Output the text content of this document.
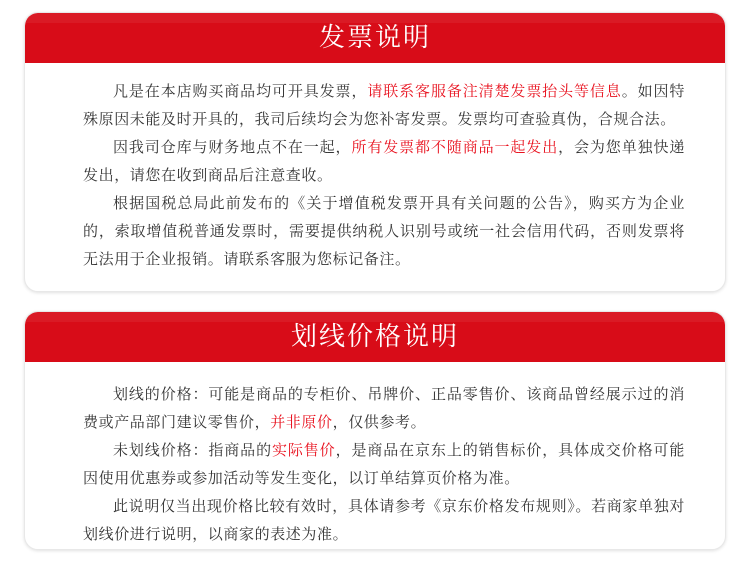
发票说明

凡是在本店购买商品均可开具发票，请联系客服备注清楚发票抬头等信息。如因特殊原因未能及时开具的，我司后续均会为您补寄发票。发票均可查验真伪，合规合法。

因我司仓库与财务地点不在一起，所有发票都不随商品一起发出，会为您单独快递发出，请您在收到商品后注意查收。

根据国税总局此前发布的《关于增值税发票开具有关问题的公告》，购买方为企业的，索取增值税普通发票时，需要提供纳税人识别号或统一社会信用代码，否则发票将无法用于企业报销。请联系客服为您标记备注。

划线价格说明

划线的价格：可能是商品的专柜价、吊牌价、正品零售价、该商品曾经展示过的消费或产品部门建议零售价，并非原价，仅供参考。

未划线价格：指商品的实际售价，是商品在京东上的销售标价，具体成交价格可能因使用优惠券或参加活动等发生变化，以订单结算页价格为准。

此说明仅当出现价格比较有效时，具体请参考《京东价格发布规则》。若商家单独对划线价进行说明，以商家的表述为准。
